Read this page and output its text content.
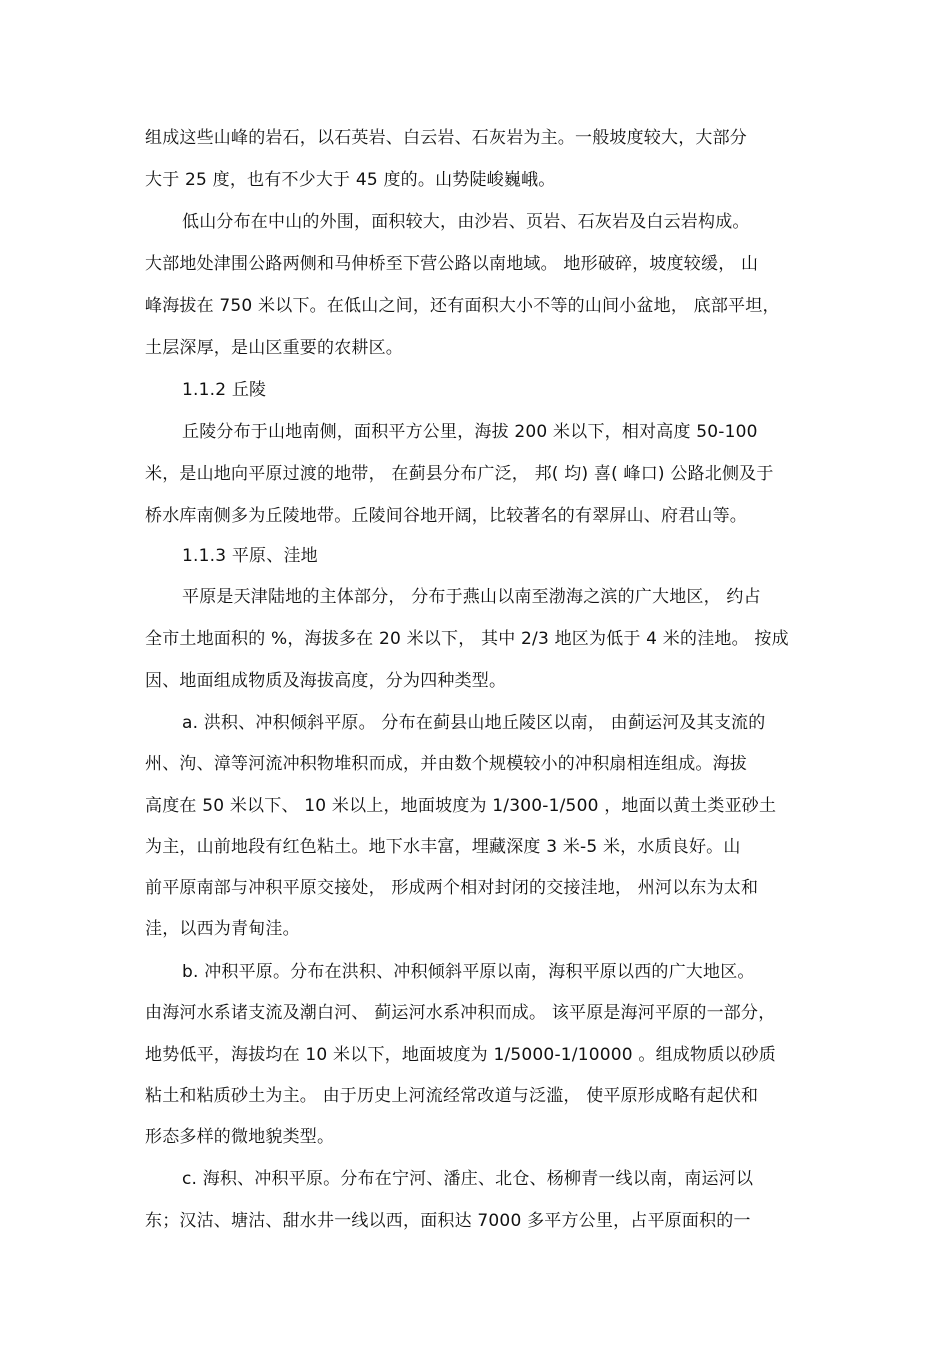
组成这些山峰的岩石，以石英岩、白云岩、石灰岩为主。一般坡度较大，大部分
大于 25 度，也有不少大于 45 度的。山势陡峻巍峨。
低山分布在中山的外围，面积较大，由沙岩、页岩、石灰岩及白云岩构成。
大部地处津围公路两侧和马伸桥至下营公路以南地域。 地形破碎，坡度较缓， 山
峰海拔在 750 米以下。在低山之间，还有面积大小不等的山间小盆地， 底部平坦，
土层深厚，是山区重要的农耕区。
1.1.2 丘陵
丘陵分布于山地南侧，面积平方公里，海拔 200 米以下，相对高度 50-100
米，是山地向平原过渡的地带， 在蓟县分布广泛， 邦( 均) 喜( 峰口) 公路北侧及于
桥水库南侧多为丘陵地带。丘陵间谷地开阔，比较著名的有翠屏山、府君山等。
1.1.3 平原、洼地
平原是天津陆地的主体部分， 分布于燕山以南至渤海之滨的广大地区， 约占
全市土地面积的 %，海拔多在 20 米以下， 其中 2/3 地区为低于 4 米的洼地。 按成
因、地面组成物质及海拔高度，分为四种类型。
a. 洪积、冲积倾斜平原。 分布在蓟县山地丘陵区以南， 由蓟运河及其支流的
州、泃、漳等河流冲积物堆积而成，并由数个规模较小的冲积扇相连组成。海拔
高度在 50 米以下、 10 米以上，地面坡度为 1/300-1/500 ，地面以黄土类亚砂土
为主，山前地段有红色粘土。地下水丰富，埋藏深度 3 米-5 米，水质良好。山
前平原南部与冲积平原交接处， 形成两个相对封闭的交接洼地， 州河以东为太和
洼，以西为青甸洼。
b. 冲积平原。分布在洪积、冲积倾斜平原以南，海积平原以西的广大地区。
由海河水系诸支流及潮白河、 蓟运河水系冲积而成。 该平原是海河平原的一部分，
地势低平，海拔均在 10 米以下，地面坡度为 1/5000-1/10000 。组成物质以砂质
粘土和粘质砂土为主。 由于历史上河流经常改道与泛滥， 使平原形成略有起伏和
形态多样的微地貌类型。
c. 海积、冲积平原。分布在宁河、潘庄、北仓、杨柳青一线以南，南运河以
东；汉沽、塘沽、甜水井一线以西，面积达 7000 多平方公里，占平原面积的一
